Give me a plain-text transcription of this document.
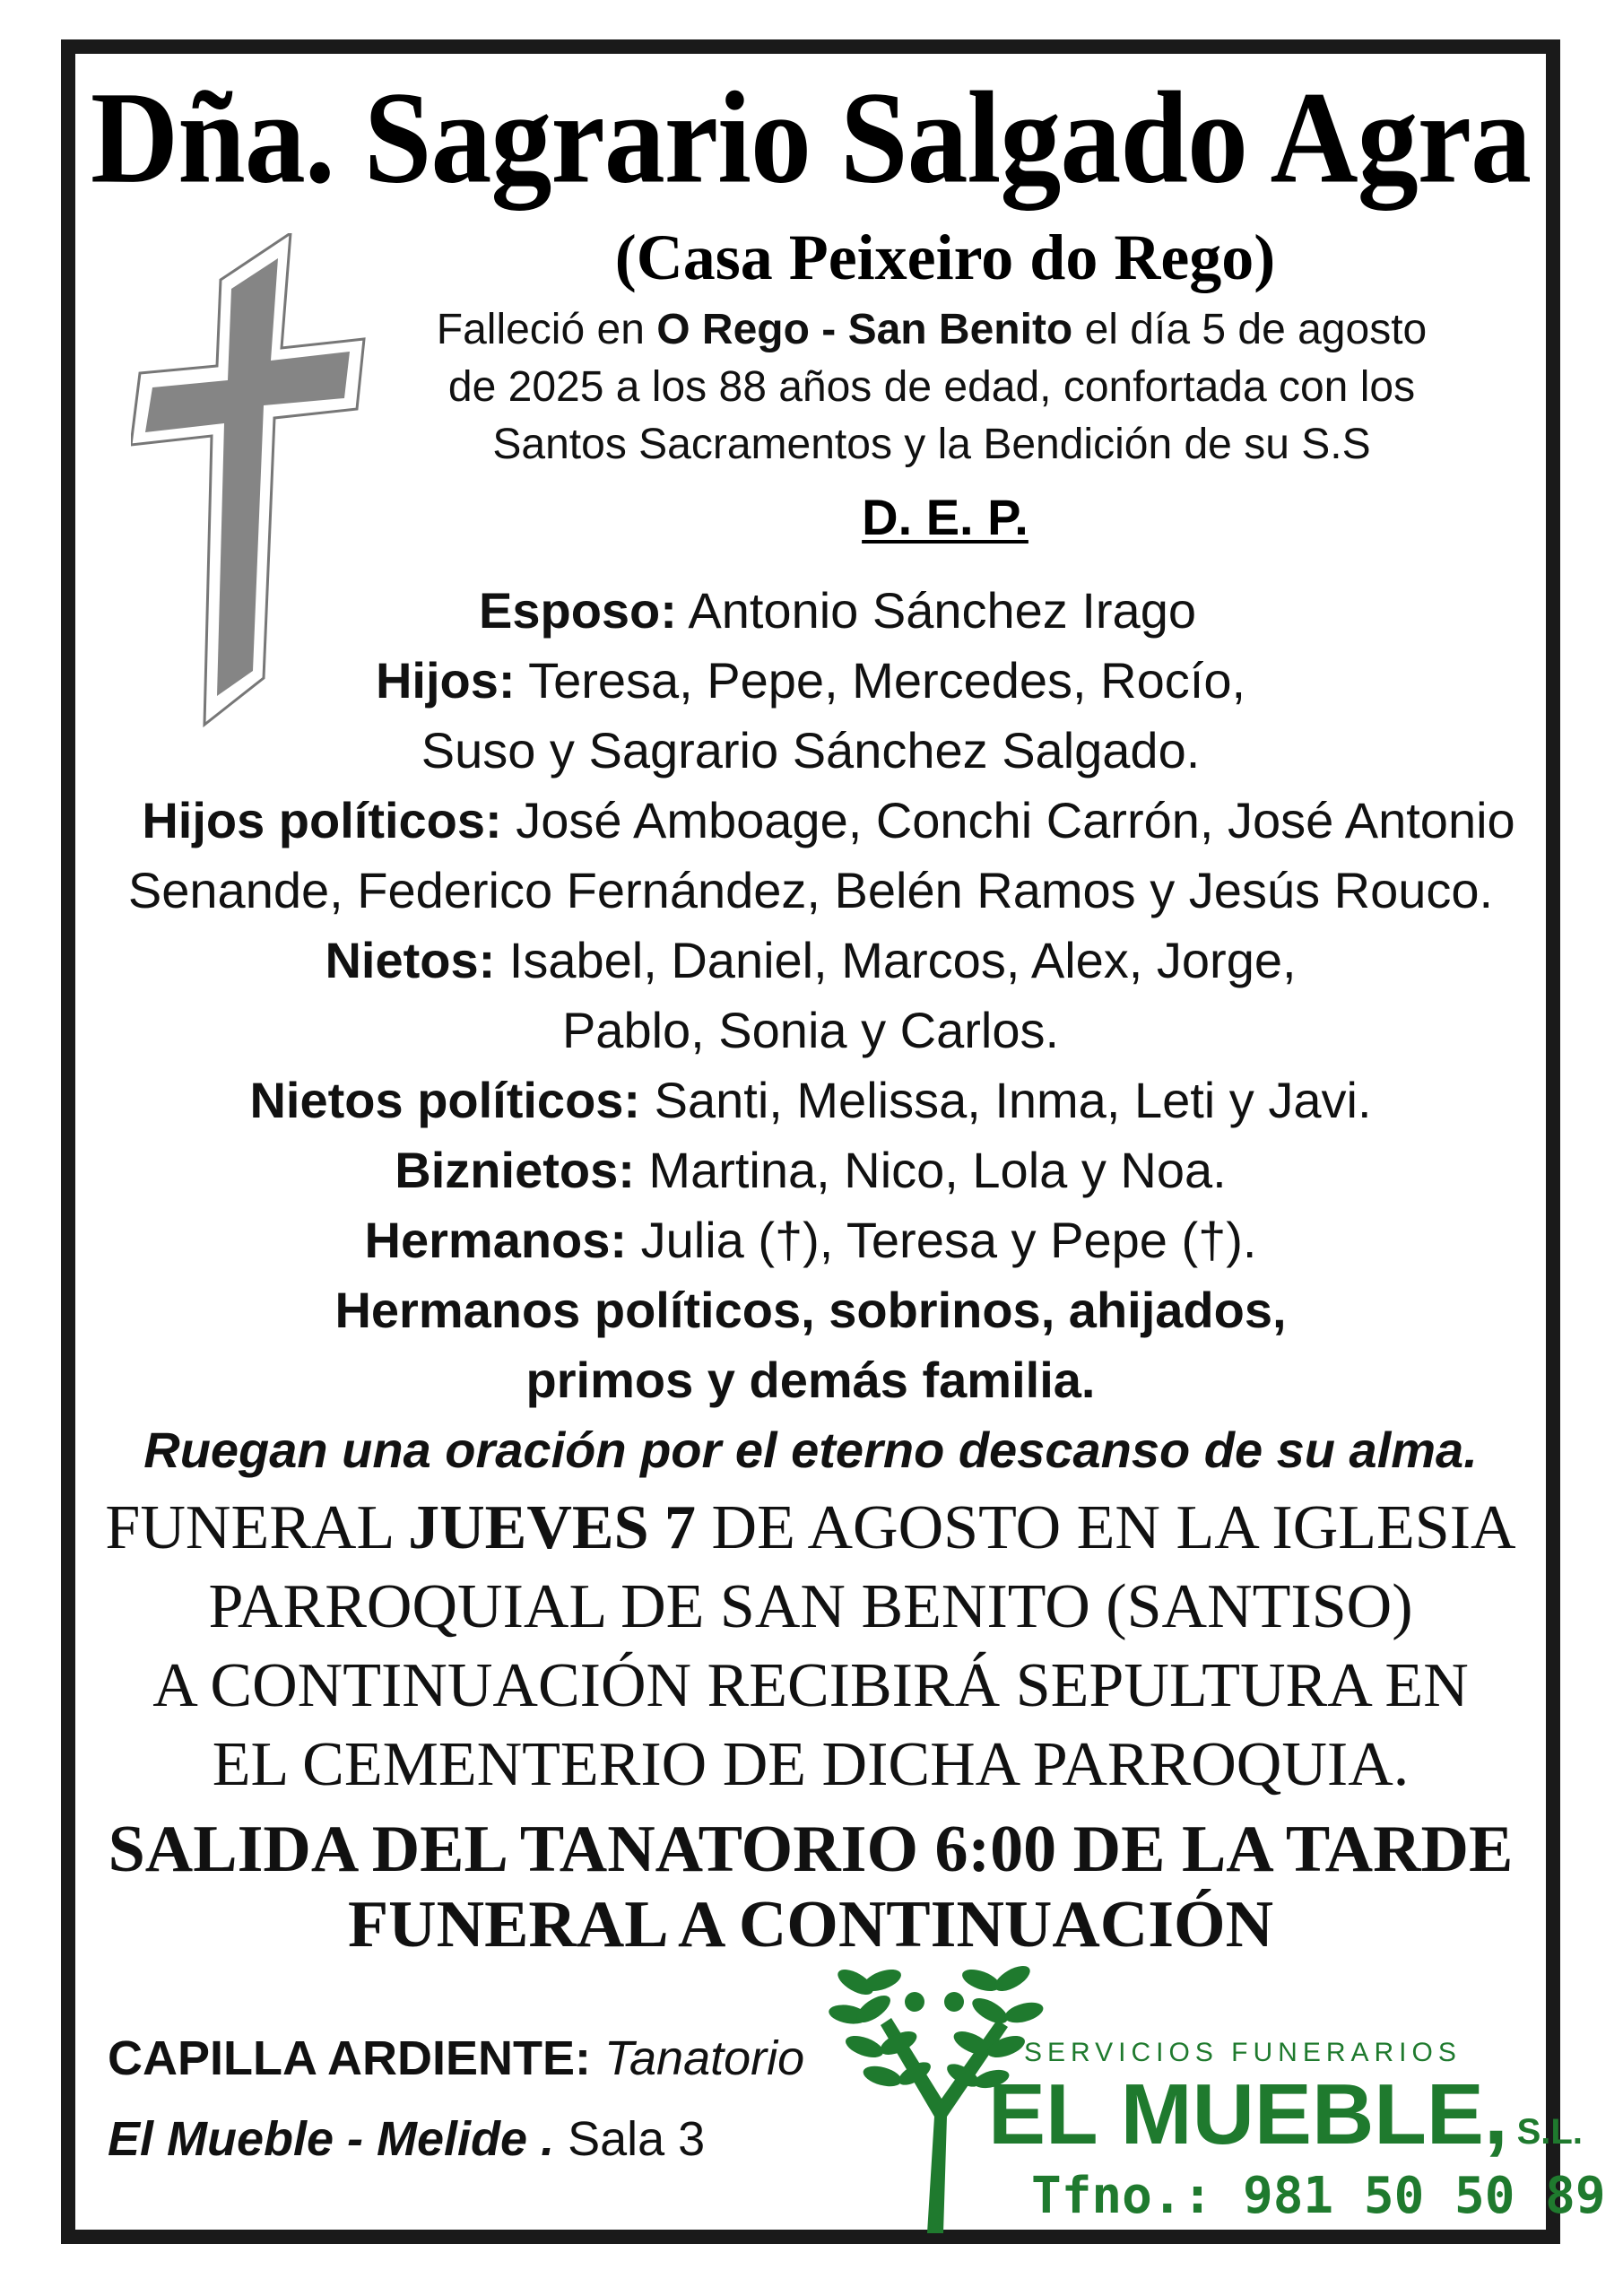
Dña. Sagrario Salgado Agra
(Casa Peixeiro do Rego)
Falleció en O Rego - San Benito el día 5 de agosto
de 2025 a los 88 años de edad, confortada con los
Santos Sacramentos y la Bendición de su S.S
D. E. P.
Esposo: Antonio Sánchez Irago
Hijos: Teresa, Pepe, Mercedes, Rocío,
Suso y Sagrario Sánchez Salgado.
Hijos políticos: José Amboage, Conchi Carrón, José Antonio
Senande, Federico Fernández, Belén Ramos y Jesús Rouco.
Nietos: Isabel, Daniel, Marcos, Alex, Jorge,
Pablo, Sonia y Carlos.
Nietos políticos: Santi, Melissa, Inma, Leti y Javi.
Biznietos: Martina, Nico, Lola y Noa.
Hermanos: Julia (†), Teresa y Pepe (†).
Hermanos políticos, sobrinos, ahijados,
primos y demás familia.
Ruegan una oración por el eterno descanso de su alma.
FUNERAL JUEVES 7 DE AGOSTO EN LA IGLESIA
PARROQUIAL DE SAN BENITO (SANTISO)
A CONTINUACIÓN RECIBIRÁ SEPULTURA EN
EL CEMENTERIO DE DICHA PARROQUIA.
SALIDA DEL TANATORIO 6:00 DE LA TARDE
FUNERAL A CONTINUACIÓN
CAPILLA ARDIENTE: Tanatorio
El Mueble - Melide . Sala 3
SERVICIOS FUNERARIOS
EL MUEBLE, S.L.
Tfno.: 981 50 50 89
